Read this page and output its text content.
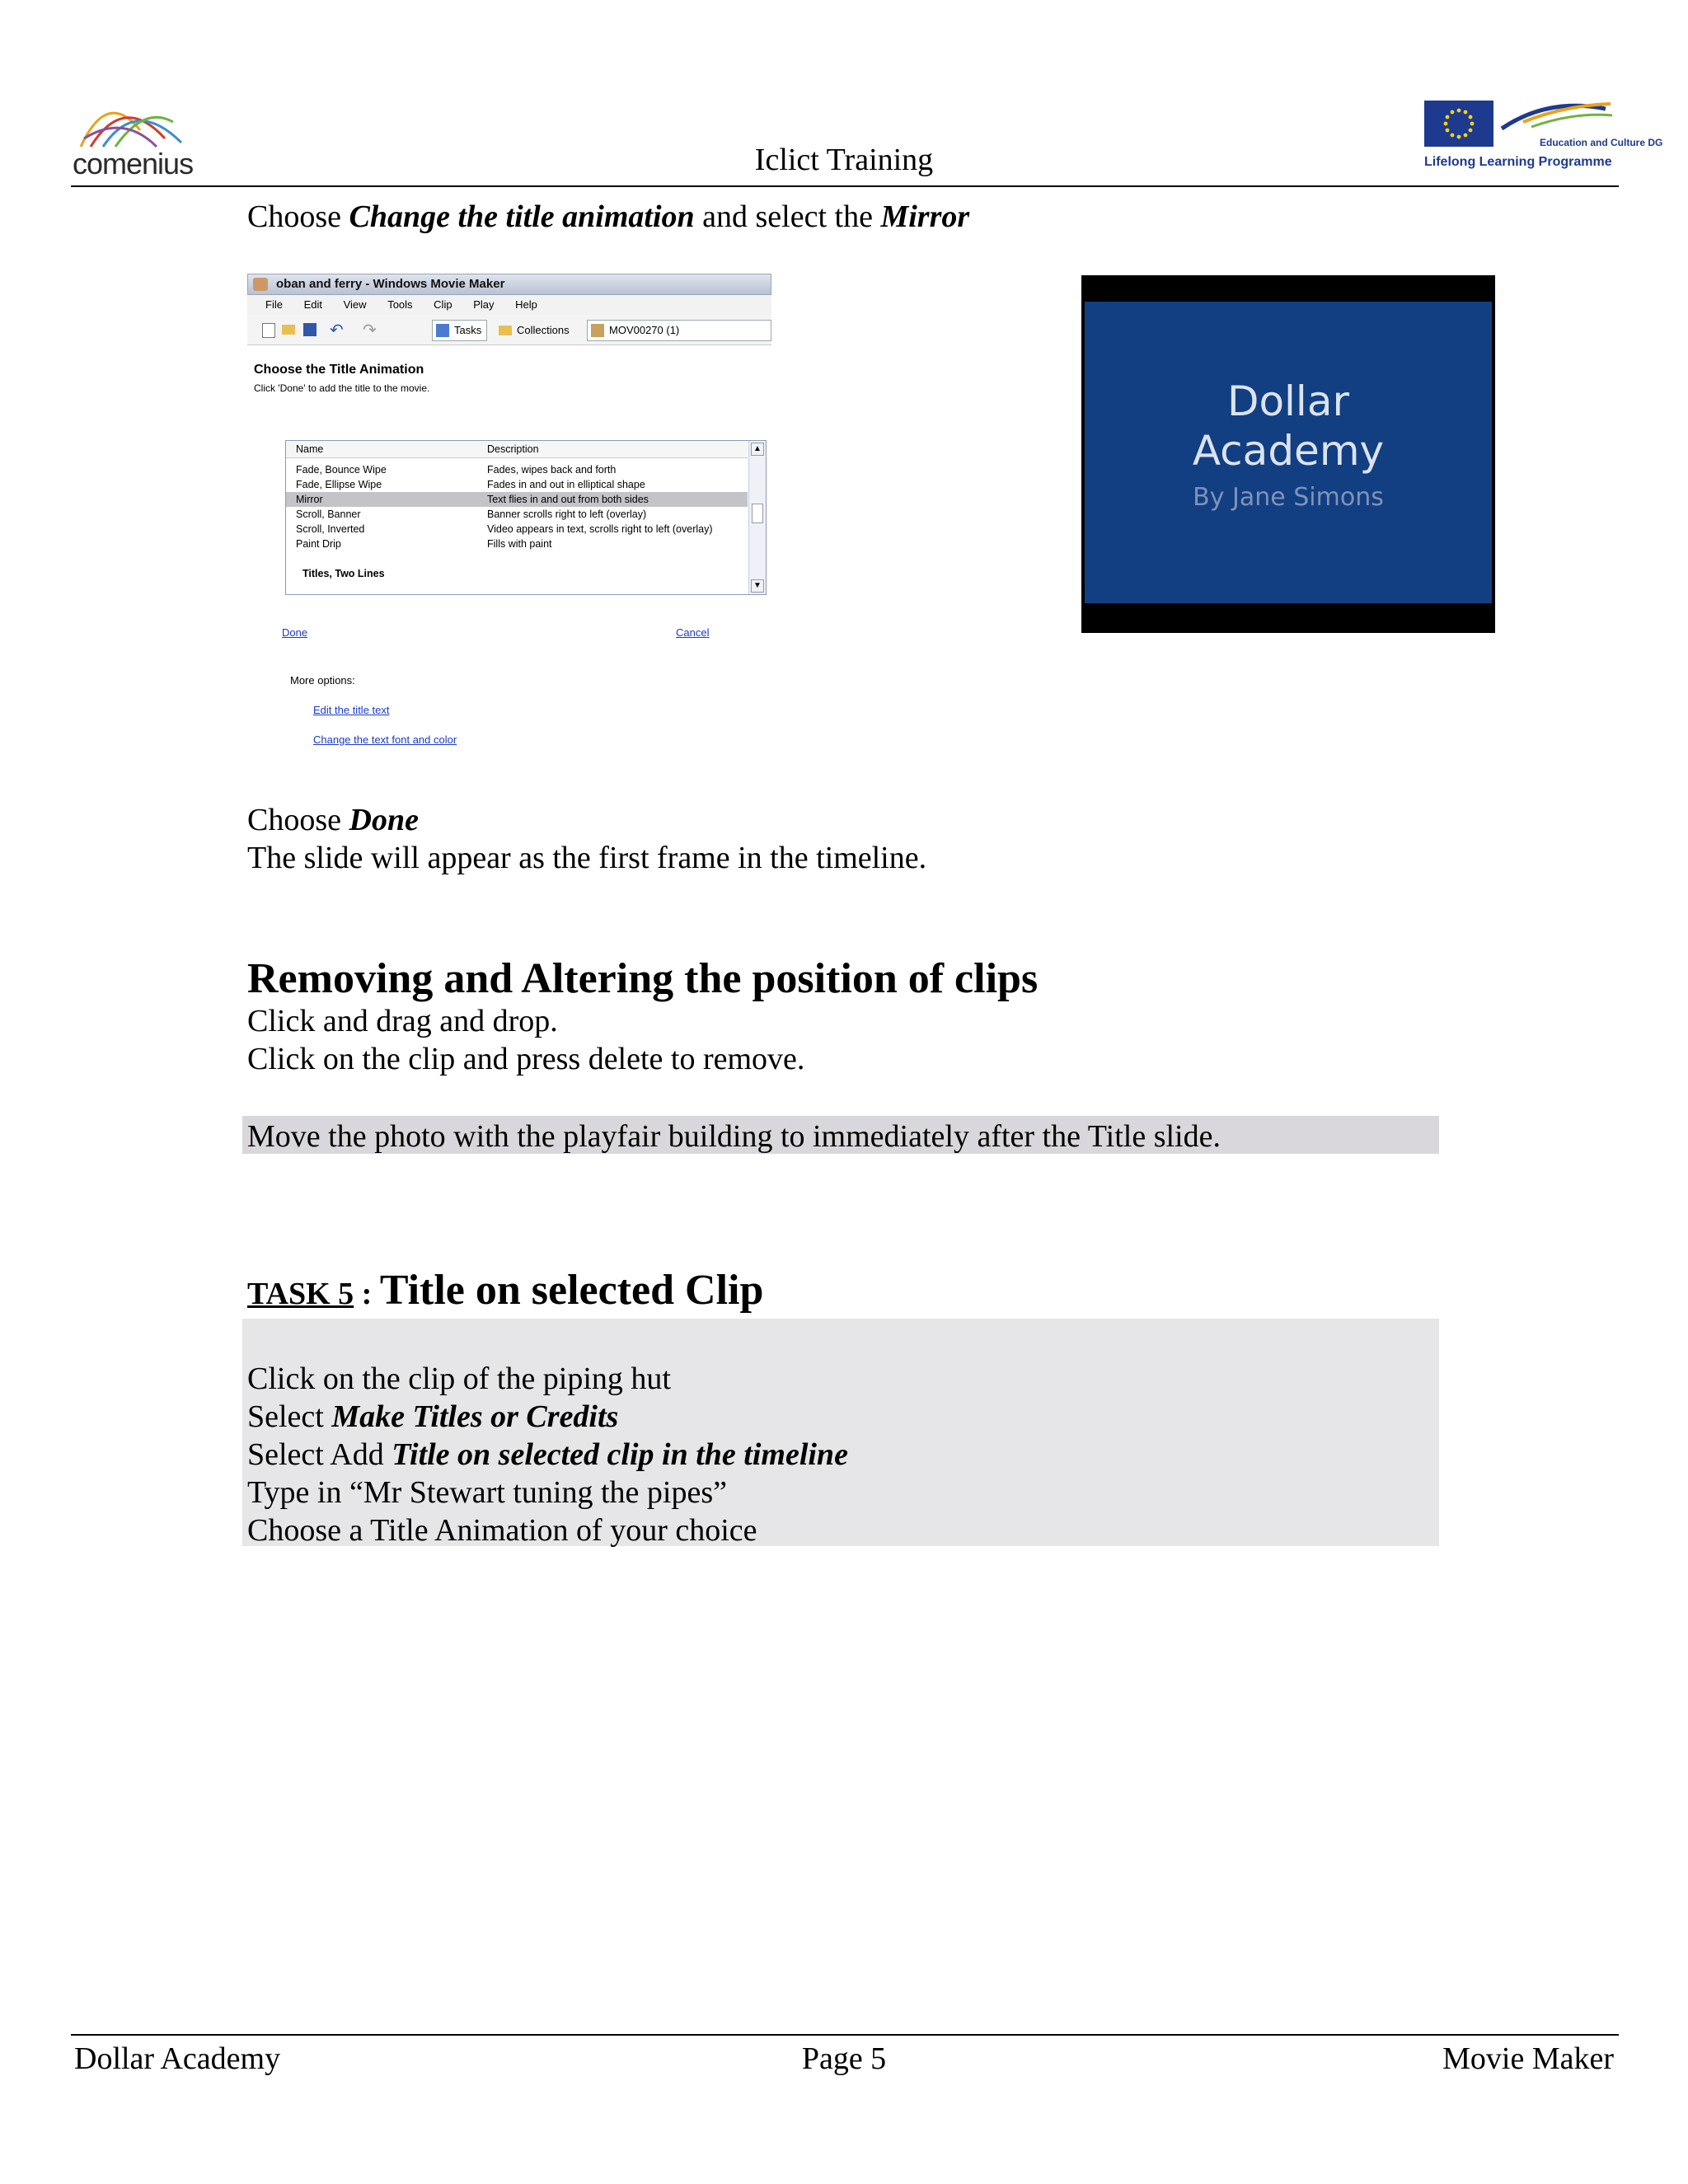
comenius	Iclict Training	Education and Culture DG
Lifelong Learning Programme
Choose Change the title animation and select the Mirror
oban and ferry - Windows Movie Maker
File Edit View Tools Clip Play Help
↶ ↷	Tasks	Collections	MOV00270 (1)
Choose the Title Animation
Click 'Done' to add the title to the movie.
Name	Description
Fade, Bounce Wipe	Fades, wipes back and forth
Fade, Ellipse Wipe	Fades in and out in elliptical shape
Mirror	Text flies in and out from both sides
Scroll, Banner	Banner scrolls right to left (overlay)
Scroll, Inverted	Video appears in text, scrolls right to left (overlay)
Paint Drip	Fills with paint
Titles, Two Lines
▲
▼
Done	Cancel
More options:
Edit the title text
Change the text font and color
Dollar
Academy
By Jane Simons
Choose Done
The slide will appear as the first frame in the timeline.
Removing and Altering the position of clips
Click and drag and drop.
Click on the clip and press delete to remove.
Move the photo with the playfair building to immediately after the Title slide.
TASK 5 : Title on selected Clip
Click on the clip of the piping hut
Select Make Titles or Credits
Select Add Title on selected clip in the timeline
Type in “Mr Stewart tuning the pipes”
Choose a Title Animation of your choice
Dollar Academy	Page 5	Movie Maker
